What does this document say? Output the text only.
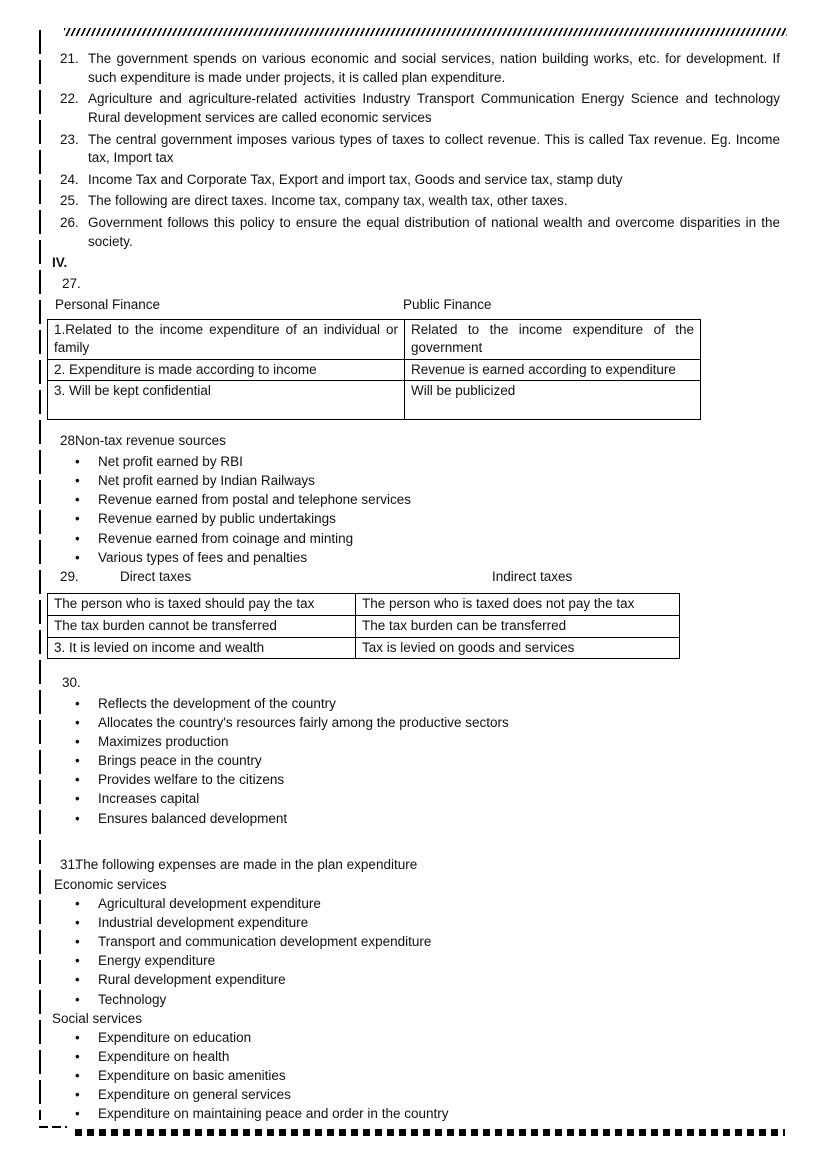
21. The government spends on various economic and social services, nation building works, etc. for development. If such expenditure is made under projects, it is called plan expenditure.
22. Agriculture and agriculture-related activities Industry Transport Communication Energy Science and technology Rural development services are called economic services
23. The central government imposes various types of taxes to collect revenue. This is called Tax revenue. Eg. Income tax, Import tax
24. Income Tax and Corporate Tax, Export and import tax, Goods and service tax, stamp duty
25. The following are direct taxes. Income tax, company tax, wealth tax, other taxes.
26. Government follows this policy to ensure the equal distribution of national wealth and overcome disparities in the society.
IV.
27.
Personal Finance	Public Finance
1.Related to the income expenditure of an individual or family	Related to the income expenditure of the government
2. Expenditure is made according to income	Revenue is earned according to expenditure
3. Will be kept confidential	Will be publicized
28.
Non-tax revenue sources
•
Net profit earned by RBI
•
Net profit earned by Indian Railways
•
Revenue earned from postal and telephone services
•
Revenue earned by public undertakings
•
Revenue earned from coinage and minting
•
Various types of fees and penalties
29.	Direct taxes	Indirect taxes
The person who is taxed should pay the tax	The person who is taxed does not pay the tax
The tax burden cannot be transferred	The tax burden can be transferred
3. It is levied on income and wealth	Tax is levied on goods and services
30.
•
Reflects the development of the country
•
Allocates the country's resources fairly among the productive sectors
•
Maximizes production
•
Brings peace in the country
•
Provides welfare to the citizens
•
Increases capital
•
Ensures balanced development
31.
The following expenses are made in the plan expenditure
Economic services
•
Agricultural development expenditure
•
Industrial development expenditure
•
Transport and communication development expenditure
•
Energy expenditure
•
Rural development expenditure
•
Technology
Social services
•
Expenditure on education
•
Expenditure on health
•
Expenditure on basic amenities
•
Expenditure on general services
•
Expenditure on maintaining peace and order in the country
